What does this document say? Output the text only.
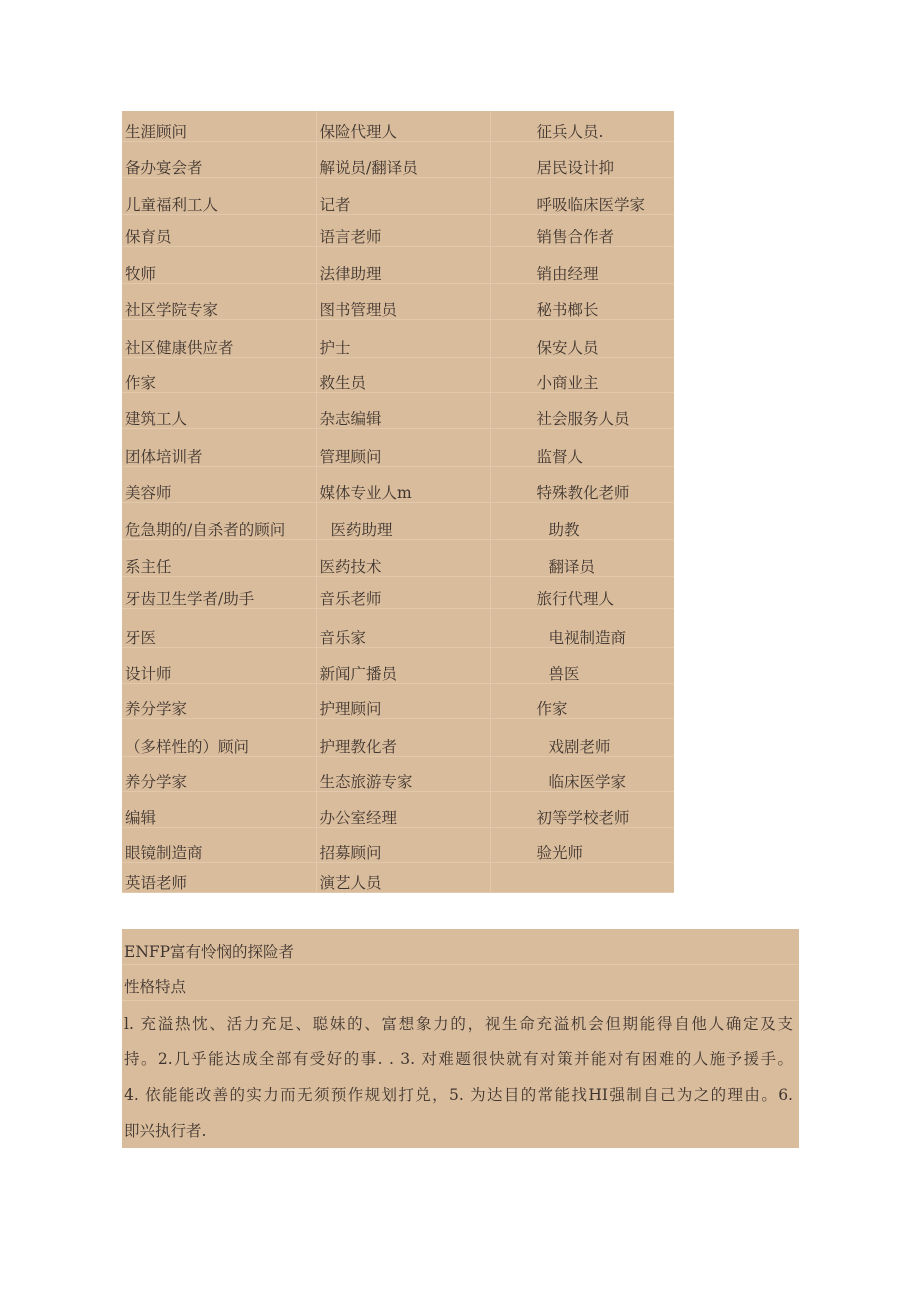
生涯顾问	保险代理人	征兵人员.
备办宴会者	解说员/翻译员	居民设计抑
儿童福利工人	记者	呼吸临床医学家
保育员	语言老师	销售合作者
牧师	法律助理	销由经理
社区学院专家	图书管理员	秘书榔长
社区健康供应者	护士	保安人员
作家	救生员	小商业主
建筑工人	杂志编辑	社会服务人员
团体培训者	管理顾问	监督人
美容师	媒体专业人m	特殊教化老师
危急期的/自杀者的顾问	医药助理	助教
系主任	医药技术	翻译员
牙齿卫生学者/助手	音乐老师	旅行代理人
牙医	音乐家	电视制造商
设计师	新闻广播员	兽医
养分学家	护理顾问	作家
（多样性的）顾问	护理教化者	戏剧老师
养分学家	生态旅游专家	临床医学家
编辑	办公室经理	初等学校老师
眼镜制造商	招募顾问	验光师
英语老师	演艺人员	
ENFP富有怜悯的探险者
性格特点
l. 充溢热忱、活力充足、聪妹的、富想象力的，视生命充溢机会但期能得自他人确定及支
持。2.几乎能达成全部有受好的事. . 3. 对难题很快就有对策并能对有困难的人施予援手。
4. 依能能改善的实力而无须预作规划打兑，5. 为达目的常能找HI强制自己为之的理由。6.
即兴执行者.
